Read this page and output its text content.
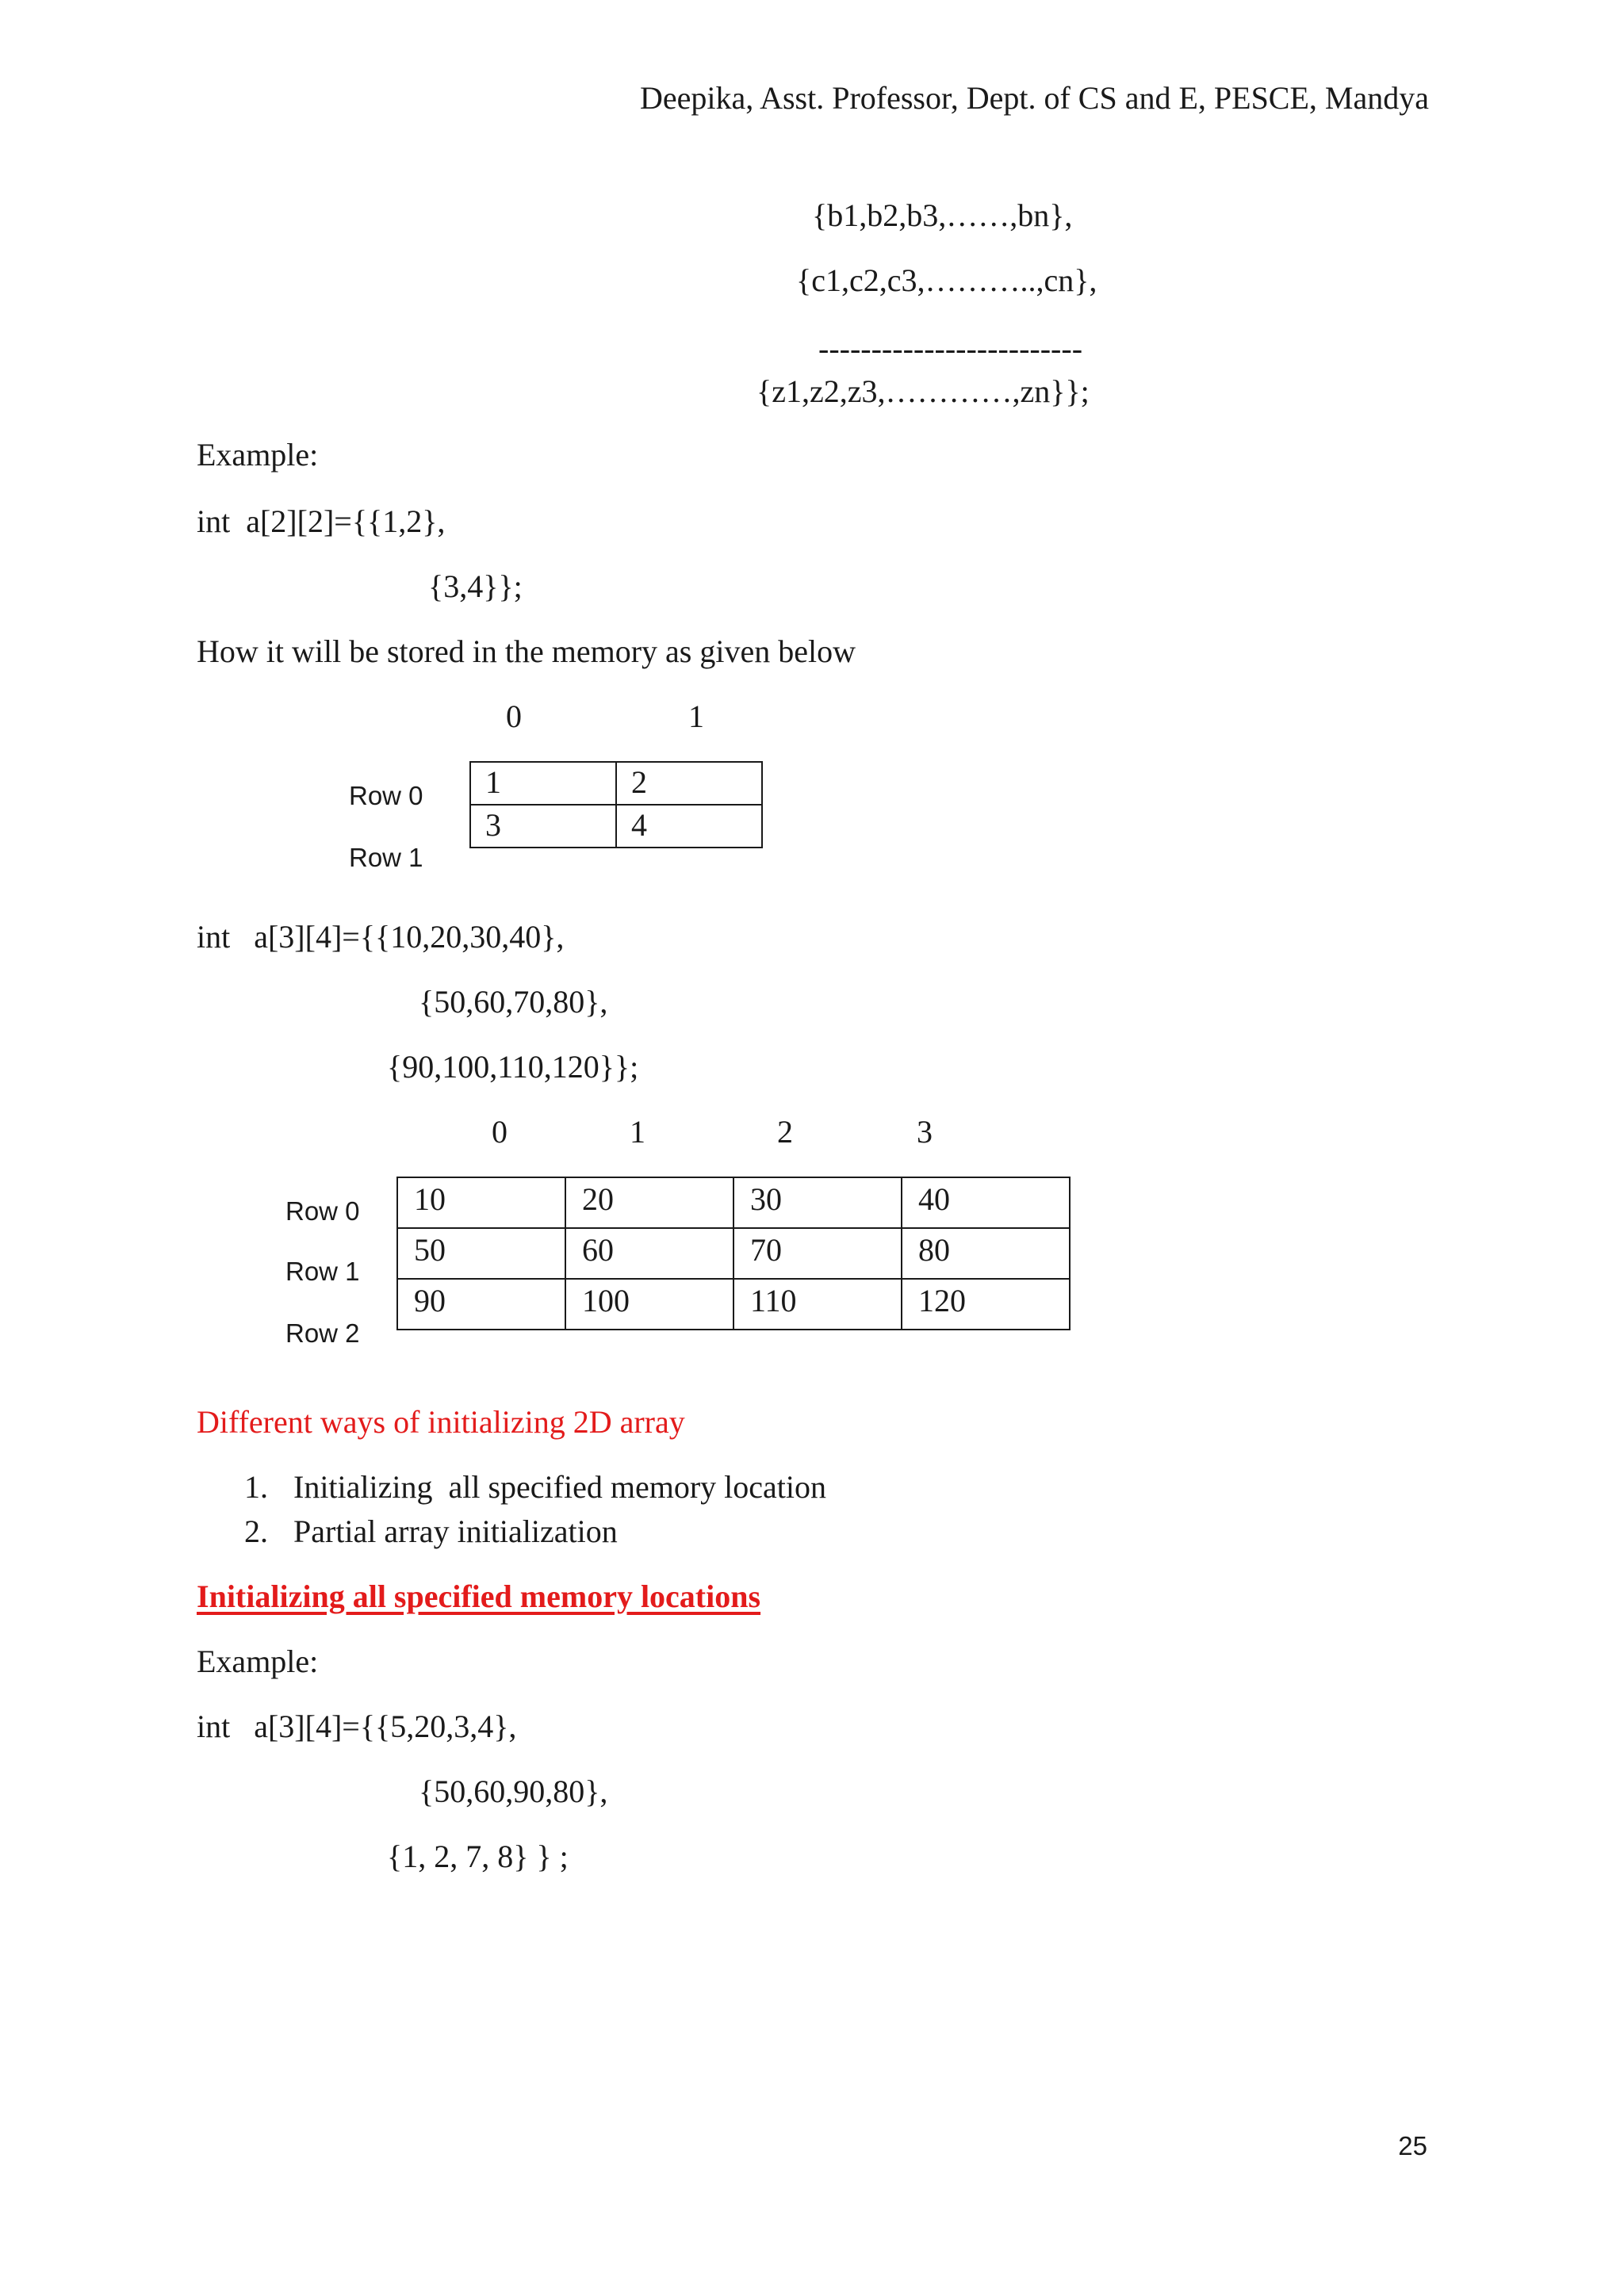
Deepika, Asst. Professor, Dept. of CS and E, PESCE, Mandya
{b1,b2,b3,……,bn},
{c1,c2,c3,………..,cn},
-------------------------
{z1,z2,z3,…………,zn}};
Example:
int  a[2][2]={{1,2},
{3,4}};
How it will be stored in the memory as given below
0	1
Row 0
Row 1
1	2
3	4
int   a[3][4]={{10,20,30,40},
{50,60,70,80},
{90,100,110,120}};
0	1	2	3
Row 0
Row 1
Row 2
10	20	30	40
50	60	70	80
90	100	110	120
Different ways of initializing 2D array
1. Initializing  all specified memory location
2. Partial array initialization
Initializing all specified memory locations
Example:
int   a[3][4]={{5,20,3,4},
{50,60,90,80},
{1, 2, 7, 8} } ;
25
